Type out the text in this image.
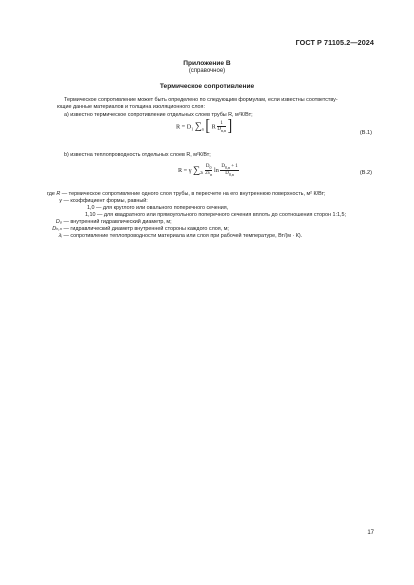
ГОСТ Р 71105.2—2024
Приложение В
(справочное)
Термическое сопротивление
Термическое сопротивление может быть определено по следующим формулам, если известны соответству-
ющие данные материалов и толщина изоляционного слоя:
a) известно термическое сопротивление отдельных слоев трубы R, м²К/Вт;
$R = D_1$ $\sum_n$ [ R $\frac{1}{D_{n,n}}$ ]	(В.1)
b) известна теплопроводность отдельных слоев R, м²К/Вт;
R = γ $\sum_{2i} \frac{D_0}{2\lambda_n}$ $\ln \frac{D_{0,n} + 1}{D_{0,n}}$	(В.2)
где R — термическое сопротивление одного слоя трубы, в пересчете на его внутреннюю поверхность, м² К/Вт;
γ — коэффициент формы, равный:
1,0 — для круглого или овального поперечного сечения,
1,10 — для квадратного или прямоугольного поперечного сечения вплоть до соотношения сторон 1:1,5;
D₀ — внутренний гидравлический диаметр, м;
Dₕ,ₙ — гидравлический диаметр внутренней стороны каждого слоя, м;
λᵢ — сопротивление теплопроводности материала или слоя при рабочей температуре, Вт/(м · К).
17
